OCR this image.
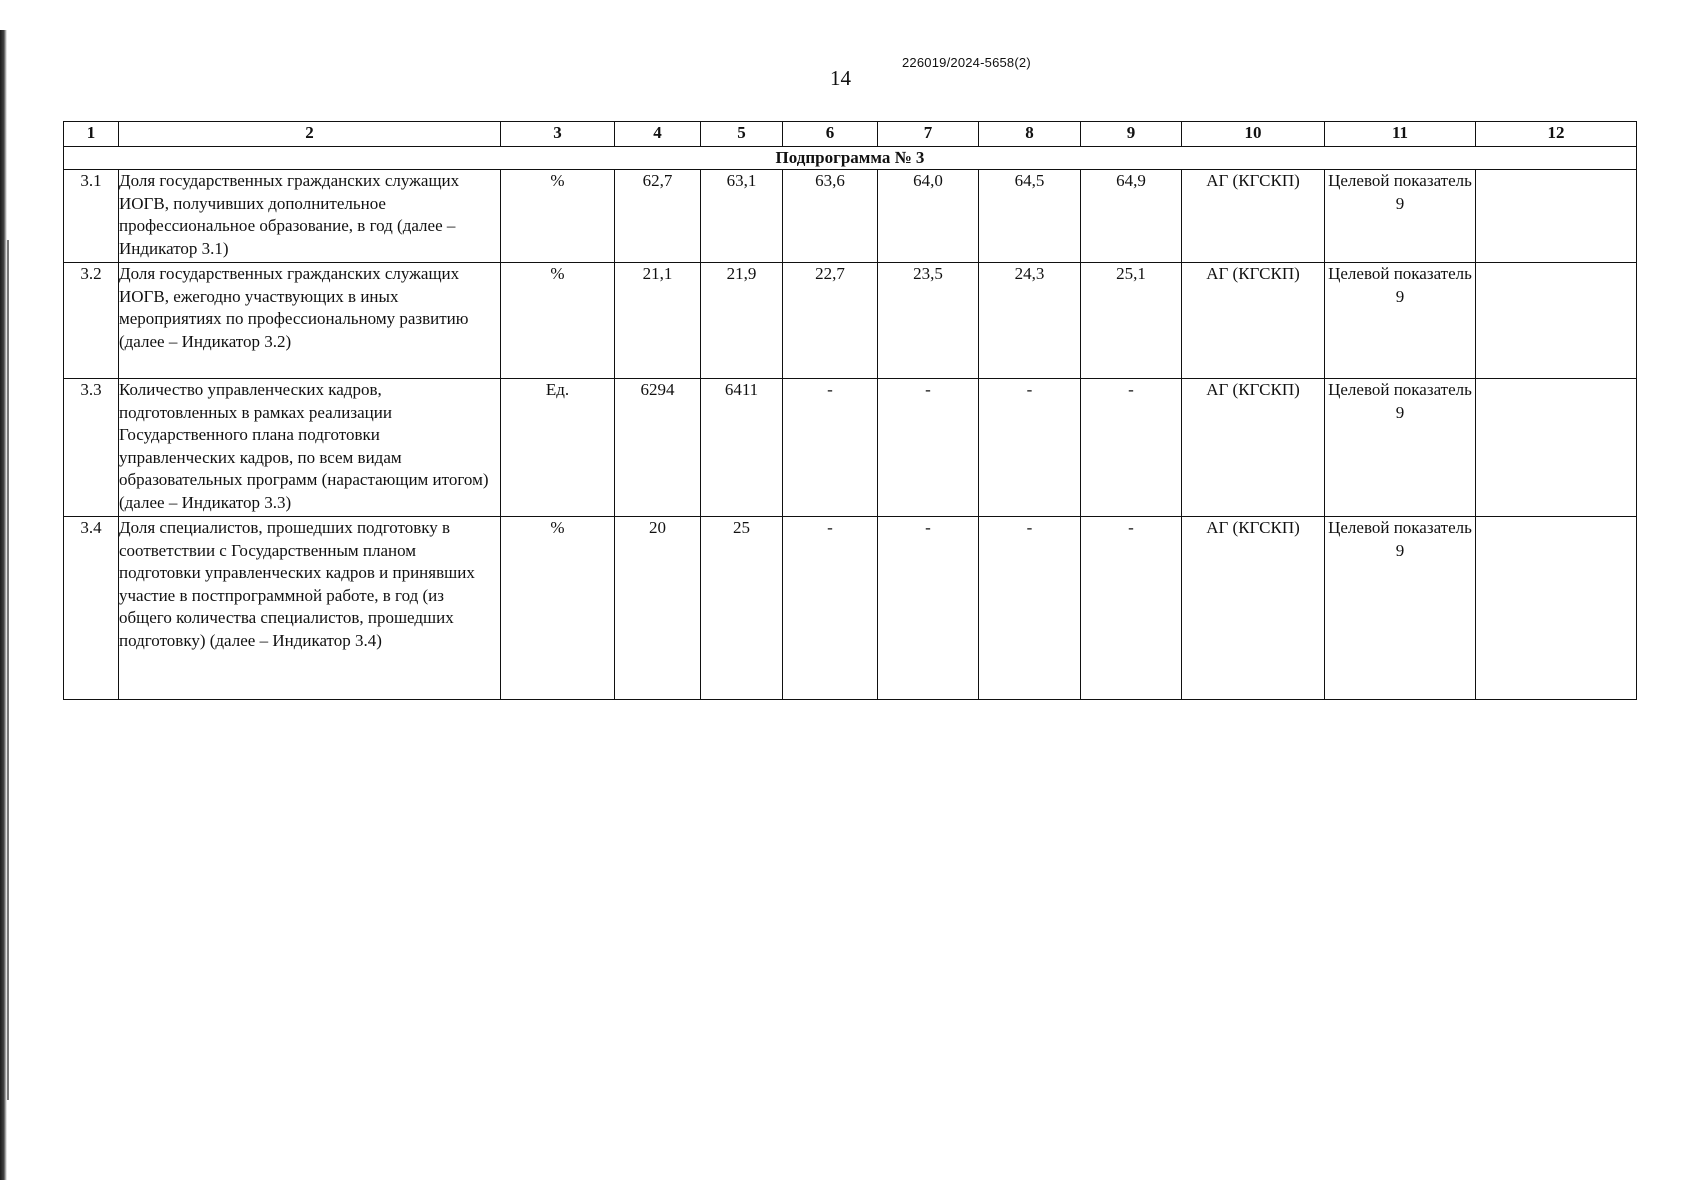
14
226019/2024-5658(2)
1	2	3	4	5	6	7	8	9	10	11	12
Подпрограмма № 3											
3.1	Доля государственных гражданских служащих ИОГВ, получивших дополнительное профессиональное образование, в год (далее – Индикатор 3.1)	%	62,7	63,1	63,6	64,0	64,5	64,9	АГ (КГСКП)	Целевой показатель 9	
3.2	Доля государственных гражданских служащих ИОГВ, ежегодно участвующих в иных мероприятиях по профессиональному развитию (далее – Индикатор 3.2)	%	21,1	21,9	22,7	23,5	24,3	25,1	АГ (КГСКП)	Целевой показатель 9	
3.3	Количество управленческих кадров, подготовленных в рамках реализации Государственного плана подготовки управленческих кадров, по всем видам образовательных программ (нарастающим итогом) (далее – Индикатор 3.3)	Ед.	6294	6411	-	-	-	-	АГ (КГСКП)	Целевой показатель 9	
3.4	Доля специалистов, прошедших подготовку в соответствии с Государственным планом подготовки управленческих кадров и принявших участие в постпрограммной работе, в год (из общего количества специалистов, прошедших подготовку) (далее – Индикатор 3.4)	%	20	25	-	-	-	-	АГ (КГСКП)	Целевой показатель 9	
